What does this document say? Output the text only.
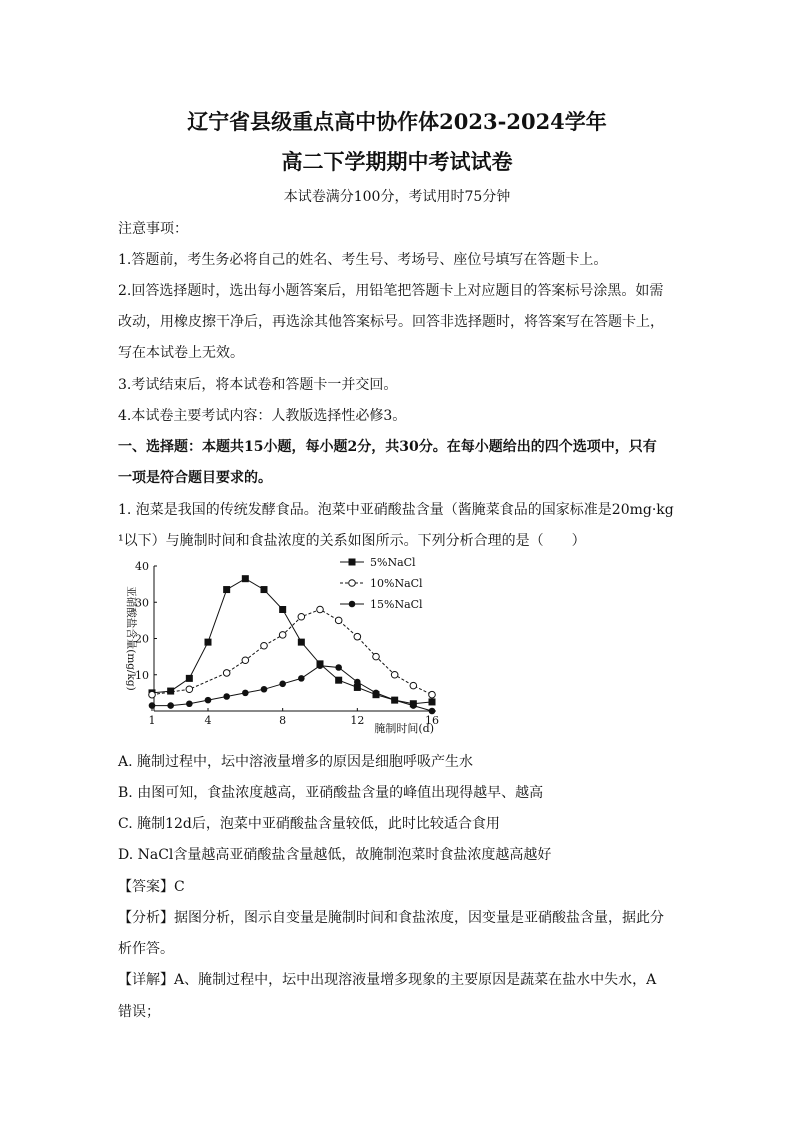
辽宁省县级重点高中协作体2023-2024学年
高二下学期期中考试试卷
本试卷满分100分，考试用时75分钟
注意事项：
1.答题前，考生务必将自己的姓名、考生号、考场号、座位号填写在答题卡上。
2.回答选择题时，选出每小题答案后，用铅笔把答题卡上对应题目的答案标号涂黑。如需
改动，用橡皮擦干净后，再选涂其他答案标号。回答非选择题时，将答案写在答题卡上，
写在本试卷上无效。
3.考试结束后，将本试卷和答题卡一并交回。
4.本试卷主要考试内容：人教版选择性必修3。
一、选择题：本题共15小题，每小题2分，共30分。在每小题给出的四个选项中，只有
一项是符合题目要求的。
1. 泡菜是我国的传统发酵食品。泡菜中亚硝酸盐含量（酱腌菜食品的国家标准是20mg·kg
¹以下）与腌制时间和食盐浓度的关系如图所示。下列分析合理的是（　　）
1	4	8	12	16
10
20
30
40
腌制时间(d)
亚硝酸盐含量(mg/kg)
5%NaCl
10%NaCl
15%NaCl
A. 腌制过程中，坛中溶液量增多的原因是细胞呼吸产生水
B. 由图可知，食盐浓度越高，亚硝酸盐含量的峰值出现得越早、越高
C. 腌制12d后，泡菜中亚硝酸盐含量较低，此时比较适合食用
D. NaCl含量越高亚硝酸盐含量越低，故腌制泡菜时食盐浓度越高越好
【答案】C
【分析】据图分析，图示自变量是腌制时间和食盐浓度，因变量是亚硝酸盐含量，据此分
析作答。
【详解】A、腌制过程中，坛中出现溶液量增多现象的主要原因是蔬菜在盐水中失水，A
错误；
